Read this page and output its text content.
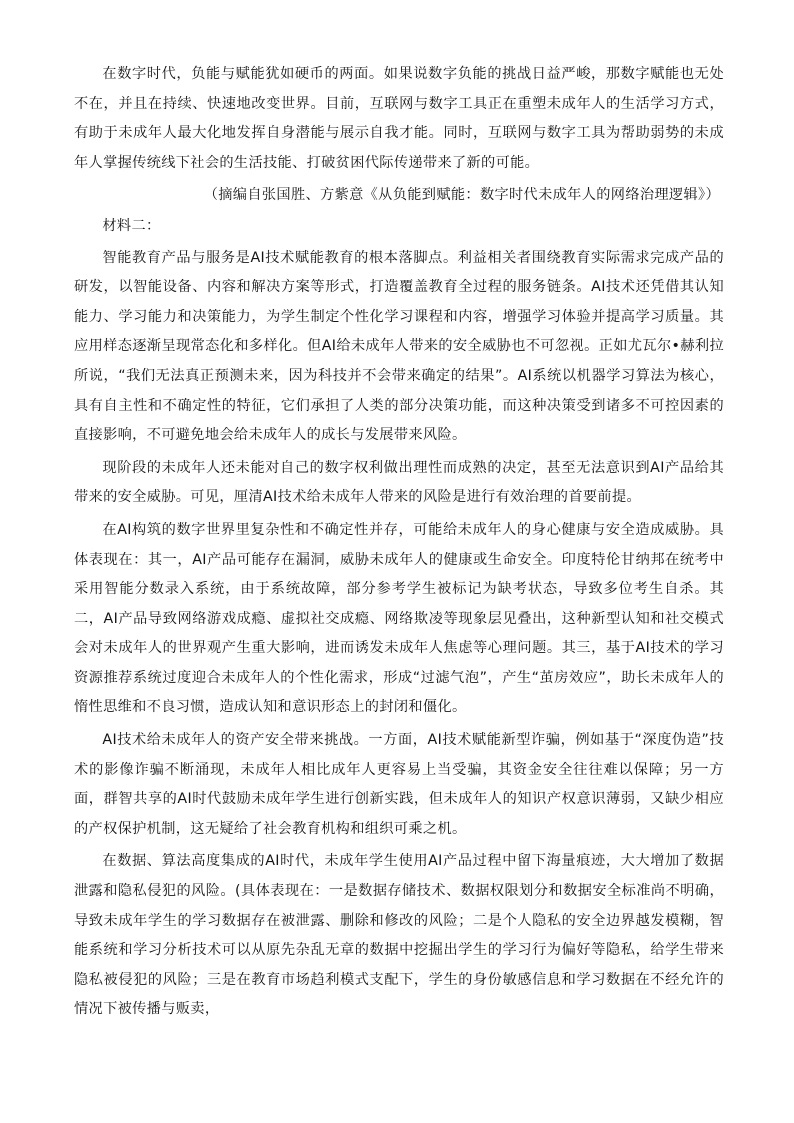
在数字时代，负能与赋能犹如硬币的两面。如果说数字负能的挑战日益严峻，那数字赋能也无处不在，并且在持续、快速地改变世界。目前，互联网与数字工具正在重塑未成年人的生活学习方式，有助于未成年人最大化地发挥自身潜能与展示自我才能。同时，互联网与数字工具为帮助弱势的未成年人掌握传统线下社会的生活技能、打破贫困代际传递带来了新的可能。

（摘编自张国胜、方紫意《从负能到赋能：数字时代未成年人的网络治理逻辑》）

材料二：

智能教育产品与服务是AI技术赋能教育的根本落脚点。利益相关者围绕教育实际需求完成产品的研发，以智能设备、内容和解决方案等形式，打造覆盖教育全过程的服务链条。AI技术还凭借其认知能力、学习能力和决策能力，为学生制定个性化学习课程和内容，增强学习体验并提高学习质量。其应用样态逐渐呈现常态化和多样化。但AI给未成年人带来的安全威胁也不可忽视。正如尤瓦尔•赫利拉所说，“我们无法真正预测未来，因为科技并不会带来确定的结果”。AI系统以机器学习算法为核心，具有自主性和不确定性的特征，它们承担了人类的部分决策功能，而这种决策受到诸多不可控因素的直接影响，不可避免地会给未成年人的成长与发展带来风险。

现阶段的未成年人还未能对自己的数字权利做出理性而成熟的决定，甚至无法意识到AI产品给其带来的安全威胁。可见，厘清AI技术给未成年人带来的风险是进行有效治理的首要前提。

在AI构筑的数字世界里复杂性和不确定性并存，可能给未成年人的身心健康与安全造成威胁。具体表现在：其一，AI产品可能存在漏洞，威胁未成年人的健康或生命安全。印度特伦甘纳邦在统考中采用智能分数录入系统，由于系统故障，部分参考学生被标记为缺考状态，导致多位考生自杀。其二，AI产品导致网络游戏成瘾、虚拟社交成瘾、网络欺凌等现象层见叠出，这种新型认知和社交模式会对未成年人的世界观产生重大影响，进而诱发未成年人焦虑等心理问题。其三，基于AI技术的学习资源推荐系统过度迎合未成年人的个性化需求，形成“过滤气泡”，产生“茧房效应”，助长未成年人的惰性思维和不良习惯，造成认知和意识形态上的封闭和僵化。

AI技术给未成年人的资产安全带来挑战。一方面，AI技术赋能新型诈骗，例如基于“深度伪造”技术的影像诈骗不断涌现，未成年人相比成年人更容易上当受骗，其资金安全往往难以保障；另一方面，群智共享的AI时代鼓励未成年学生进行创新实践，但未成年人的知识产权意识薄弱，又缺少相应的产权保护机制，这无疑给了社会教育机构和组织可乘之机。

在数据、算法高度集成的AI时代，未成年学生使用AI产品过程中留下海量痕迹，大大增加了数据泄露和隐私侵犯的风险。(具体表现在：一是数据存储技术、数据权限划分和数据安全标准尚不明确，导致未成年学生的学习数据存在被泄露、删除和修改的风险；二是个人隐私的安全边界越发模糊，智能系统和学习分析技术可以从原先杂乱无章的数据中挖掘出学生的学习行为偏好等隐私，给学生带来隐私被侵犯的风险；三是在教育市场趋利模式支配下，学生的身份敏感信息和学习数据在不经允许的情况下被传播与贩卖，
